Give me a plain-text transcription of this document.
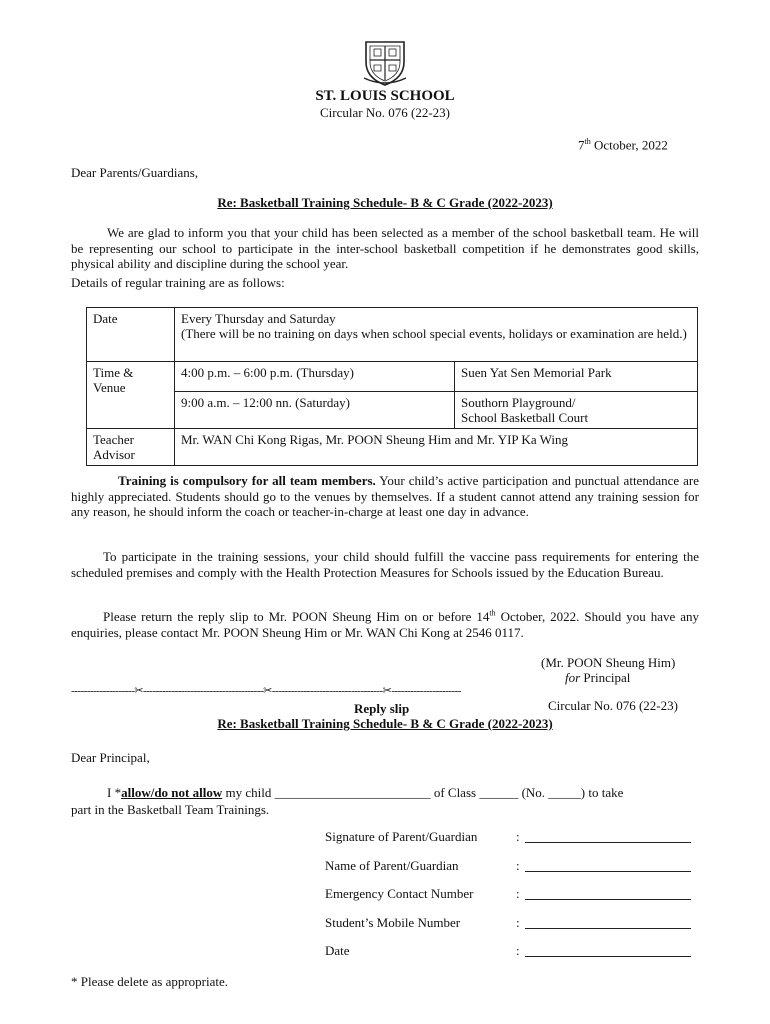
ST. LOUIS SCHOOL
Circular No. 076 (22-23)
7th October, 2022
Dear Parents/Guardians,
Re: Basketball Training Schedule- B & C Grade (2022-2023)
We are glad to inform you that your child has been selected as a member of the school basketball team. He will be representing our school to participate in the inter-school basketball competition if he demonstrates good skills, physical ability and discipline during the school year.
Details of regular training are as follows:
Date	Every Thursday and Saturday
(There will be no training on days when school special events, holidays or examination are held.)	

Time & Venue	4:00 p.m. – 6:00 p.m. (Thursday)	Suen Yat Sen Memorial Park
	9:00 a.m. – 12:00 nn. (Saturday)	Southorn Playground/
School Basketball Court

Teacher Advisor	Mr. WAN Chi Kong Rigas, Mr. POON Sheung Him and Mr. YIP Ka Wing	
Training is compulsory for all team members. Your child’s active participation and punctual attendance are highly appreciated. Students should go to the venues by themselves. If a student cannot attend any training session for any reason, he should inform the coach or teacher-in-charge at least one day in advance.
To participate in the training sessions, your child should fulfill the vaccine pass requirements for entering the scheduled premises and comply with the Health Protection Measures for Schools issued by the Education Bureau.
Please return the reply slip to Mr. POON Sheung Him on or before 14th October, 2022. Should you have any enquiries, please contact Mr. POON Sheung Him or Mr. WAN Chi Kong at 2546 0117.
(Mr. POON Sheung Him)
for Principal
--------------------✂--------------------------------------✂-----------------------------------✂----------------------
Reply slip	Circular No. 076 (22-23)
Re: Basketball Training Schedule- B & C Grade (2022-2023)
Dear Principal,
I *allow/do not allow my child ________________________ of Class ______ (No. _____) to take
part in the Basketball Team Trainings.
Signature of Parent/Guardian	:
Name of Parent/Guardian	:
Emergency Contact Number	:
Student’s Mobile Number	:
Date	:
* Please delete as appropriate.
